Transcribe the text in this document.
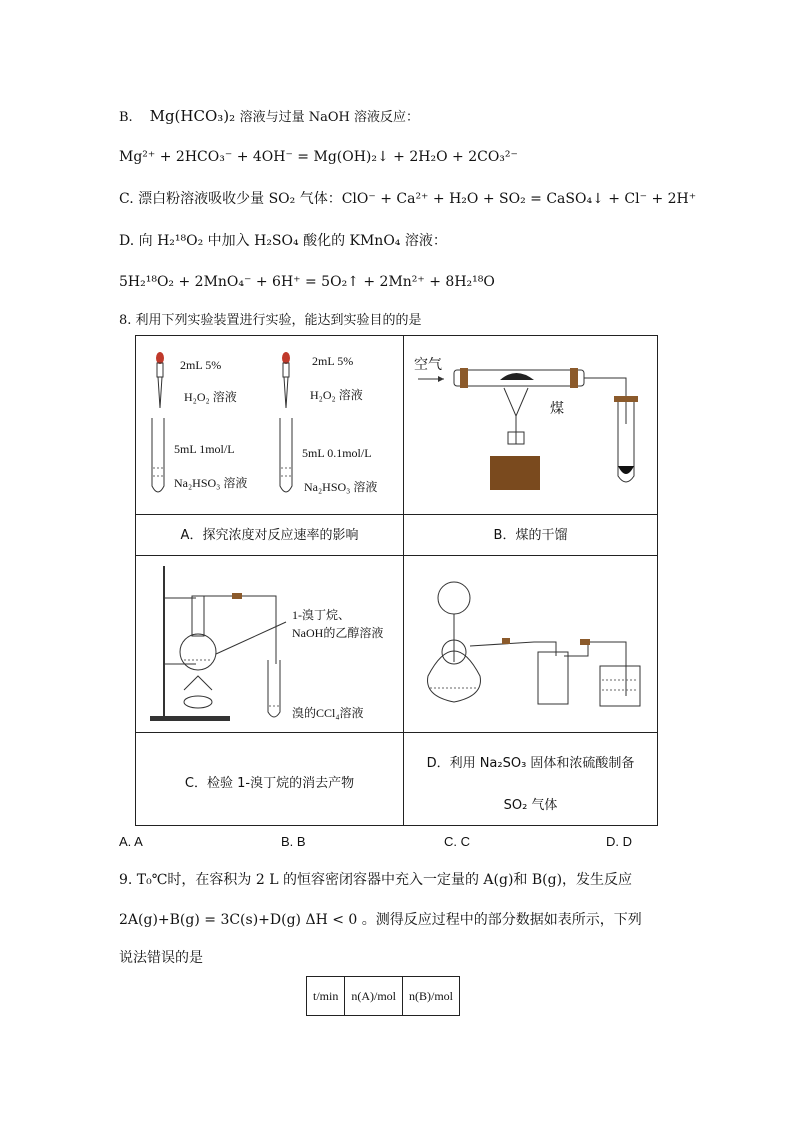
B. Mg(HCO₃)₂ 溶液与过量 NaOH 溶液反应：
Mg²⁺ + 2HCO₃⁻ + 4OH⁻ = Mg(OH)₂↓ + 2H₂O + 2CO₃²⁻
C. 漂白粉溶液吸收少量 SO₂ 气体：ClO⁻ + Ca²⁺ + H₂O + SO₂ = CaSO₄↓ + Cl⁻ + 2H⁺
D. 向 H₂¹⁸O₂ 中加入 H₂SO₄ 酸化的 KMnO₄ 溶液：
5H₂¹⁸O₂ + 2MnO₄⁻ + 6H⁺ = 5O₂↑ + 2Mn²⁺ + 8H₂¹⁸O
8. 利用下列实验装置进行实验，能达到实验目的的是
2mL 5%
H₂O₂ 溶液
2mL 5%
H₂O₂ 溶液
5mL 1mol/L
Na₂HSO₃ 溶液
5mL 0.1mol/L
Na₂HSO₃ 溶液
空气
煤
A．探究浓度对反应速率的影响	B．煤的干馏
1-溴丁烷、
NaOH的乙醇溶液
溴的CCl₄溶液
C．检验 1-溴丁烷的消去产物
D．利用 Na₂SO₃ 固体和浓硫酸制备
SO₂ 气体
A. A	B. B	C. C	D. D
9. T₀℃时，在容积为 2 L 的恒容密闭容器中充入一定量的 A(g)和 B(g)，发生反应
2A(g)+B(g) = 3C(s)+D(g) ΔH < 0 。测得反应过程中的部分数据如表所示，下列
说法错误的是
t/min	n(A)/mol	n(B)/mol
